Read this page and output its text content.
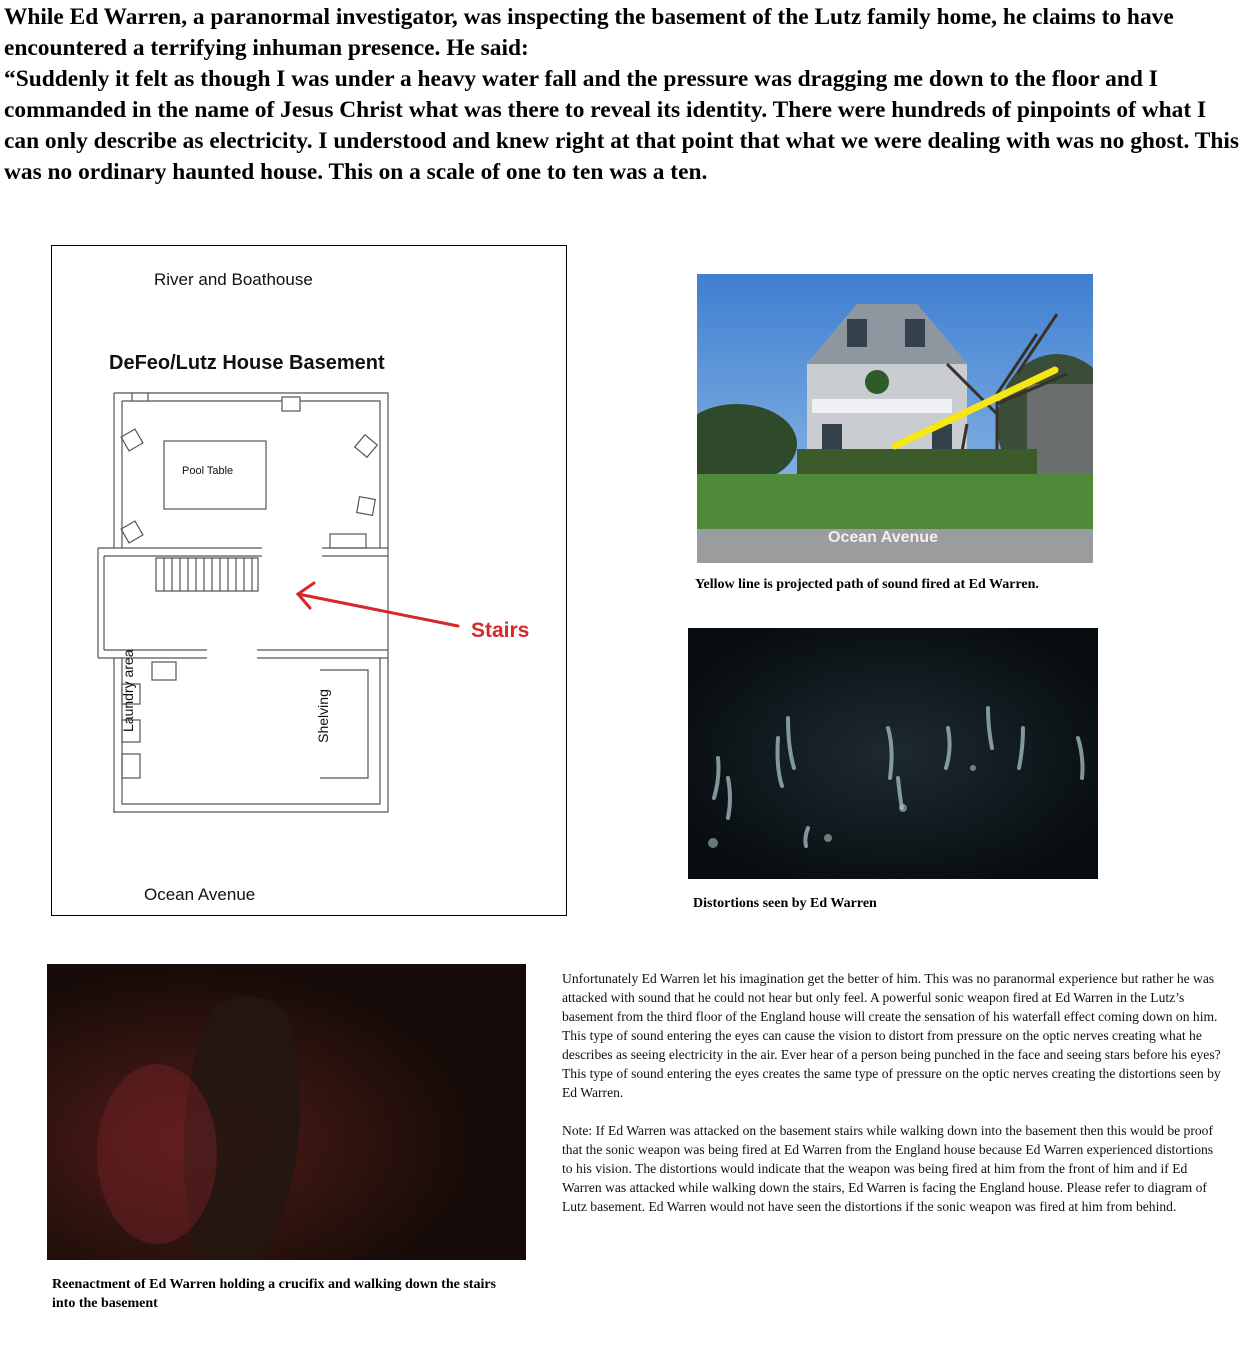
While Ed Warren, a paranormal investigator, was inspecting the basement of the Lutz family home, he claims to have encountered a terrifying inhuman presence. He said:

“Suddenly it felt as though I was under a heavy water fall and the pressure was dragging me down to the floor and I commanded in the name of Jesus Christ what was there to reveal its identity. There were hundreds of pinpoints of what I can only describe as electricity. I understood and knew right at that point that what we were dealing with was no ghost. This was no ordinary haunted house. This on a scale of one to ten was a ten.

River and Boathouse
DeFeo/Lutz House Basement
Pool Table
Stairs
Laundry area	Shelving
Ocean Avenue
Ocean Avenue
Yellow line is projected path of sound fired at Ed Warren.
Distortions seen by Ed Warren
Reenactment of Ed Warren holding a crucifix and walking down the stairs into the basement

Unfortunately Ed Warren let his imagination get the better of him. This was no paranormal experience but rather he was attacked with sound that he could not hear but only feel. A powerful sonic weapon fired at Ed Warren in the Lutz’s basement from the third floor of the England house will create the sensation of his waterfall effect coming down on him. This type of sound entering the eyes can cause the vision to distort from pressure on the optic nerves creating what he describes as seeing electricity in the air. Ever hear of a person being punched in the face and seeing stars before his eyes? This type of sound entering the eyes creates the same type of pressure on the optic nerves creating the distortions seen by Ed Warren.

Note: If Ed Warren was attacked on the basement stairs while walking down into the basement then this would be proof that the sonic weapon was being fired at Ed Warren from the England house because Ed Warren experienced distortions to his vision. The distortions would indicate that the weapon was being fired at him from the front of him and if Ed Warren was attacked while walking down the stairs, Ed Warren is facing the England house. Please refer to diagram of Lutz basement. Ed Warren would not have seen the distortions if the sonic weapon was fired at him from behind.
